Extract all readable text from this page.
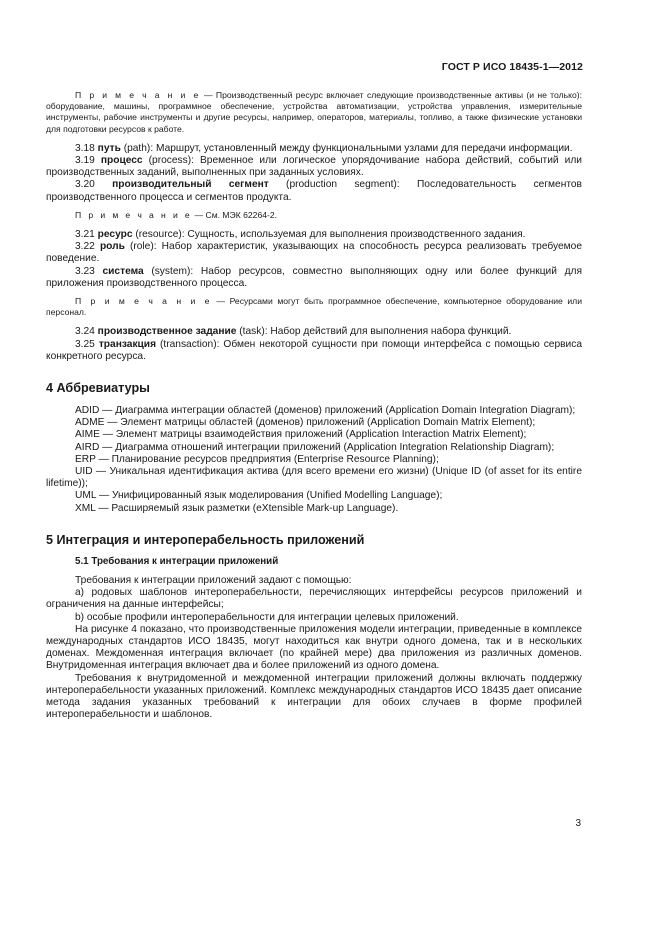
ГОСТ Р ИСО 18435-1—2012

П р и м е ч а н и е — Производственный ресурс включает следующие производственные активы (и не только): оборудование, машины, программное обеспечение, устройства автоматизации, устройства управления, измерительные инструменты, рабочие инструменты и другие ресурсы, например, операторов, материалы, топливо, а также физические установки для подготовки ресурсов к работе.

3.18 путь (path): Маршрут, установленный между функциональными узлами для передачи информации.

3.19 процесс (process): Временное или логическое упорядочивание набора действий, событий или производственных заданий, выполненных при заданных условиях.

3.20 производительный сегмент (production segment): Последовательность сегментов производственного процесса и сегментов продукта.

П р и м е ч а н и е — См. МЭК 62264-2.

3.21 ресурс (resource): Сущность, используемая для выполнения производственного задания.

3.22 роль (role): Набор характеристик, указывающих на способность ресурса реализовать требуемое поведение.

3.23 система (system): Набор ресурсов, совместно выполняющих одну или более функций для приложения производственного процесса.

П р и м е ч а н и е — Ресурсами могут быть программное обеспечение, компьютерное оборудование или персонал.

3.24 производственное задание (task): Набор действий для выполнения набора функций.

3.25 транзакция (transaction): Обмен некоторой сущности при помощи интерфейса с помощью сервиса конкретного ресурса.

4 Аббревиатуры

ADID — Диаграмма интеграции областей (доменов) приложений (Application Domain Integration Diagram);

ADME — Элемент матрицы областей (доменов) приложений (Application Domain Matrix Element);

AIME — Элемент матрицы взаимодействия приложений (Application Interaction Matrix Element);

AIRD — Диаграмма отношений интеграции приложений (Application Integration Relationship Diagram);

ERP — Планирование ресурсов предприятия (Enterprise Resource Planning);

UID — Уникальная идентификация актива (для всего времени его жизни) (Unique ID (of asset for its entire lifetime));

UML — Унифицированный язык моделирования (Unified Modelling Language);

XML — Расширяемый язык разметки (eXtensible Mark-up Language).

5 Интеграция и интероперабельность приложений

5.1 Требования к интеграции приложений

Требования к интеграции приложений задают с помощью:

а) родовых шаблонов интероперабельности, перечисляющих интерфейсы ресурсов приложений и ограничения на данные интерфейсы;

b) особые профили интероперабельности для интеграции целевых приложений.

На рисунке 4 показано, что производственные приложения модели интеграции, приведенные в комплексе международных стандартов ИСО 18435, могут находиться как внутри одного домена, так и в нескольких доменах. Междоменная интеграция включает (по крайней мере) два приложения из различных доменов. Внутридоменная интеграция включает два и более приложений из одного домена.

Требования к внутридоменной и междоменной интеграции приложений должны включать поддержку интероперабельности указанных приложений. Комплекс международных стандартов ИСО 18435 дает описание метода задания указанных требований к интеграции для обоих случаев в форме профилей интероперабельности и шаблонов.

3
